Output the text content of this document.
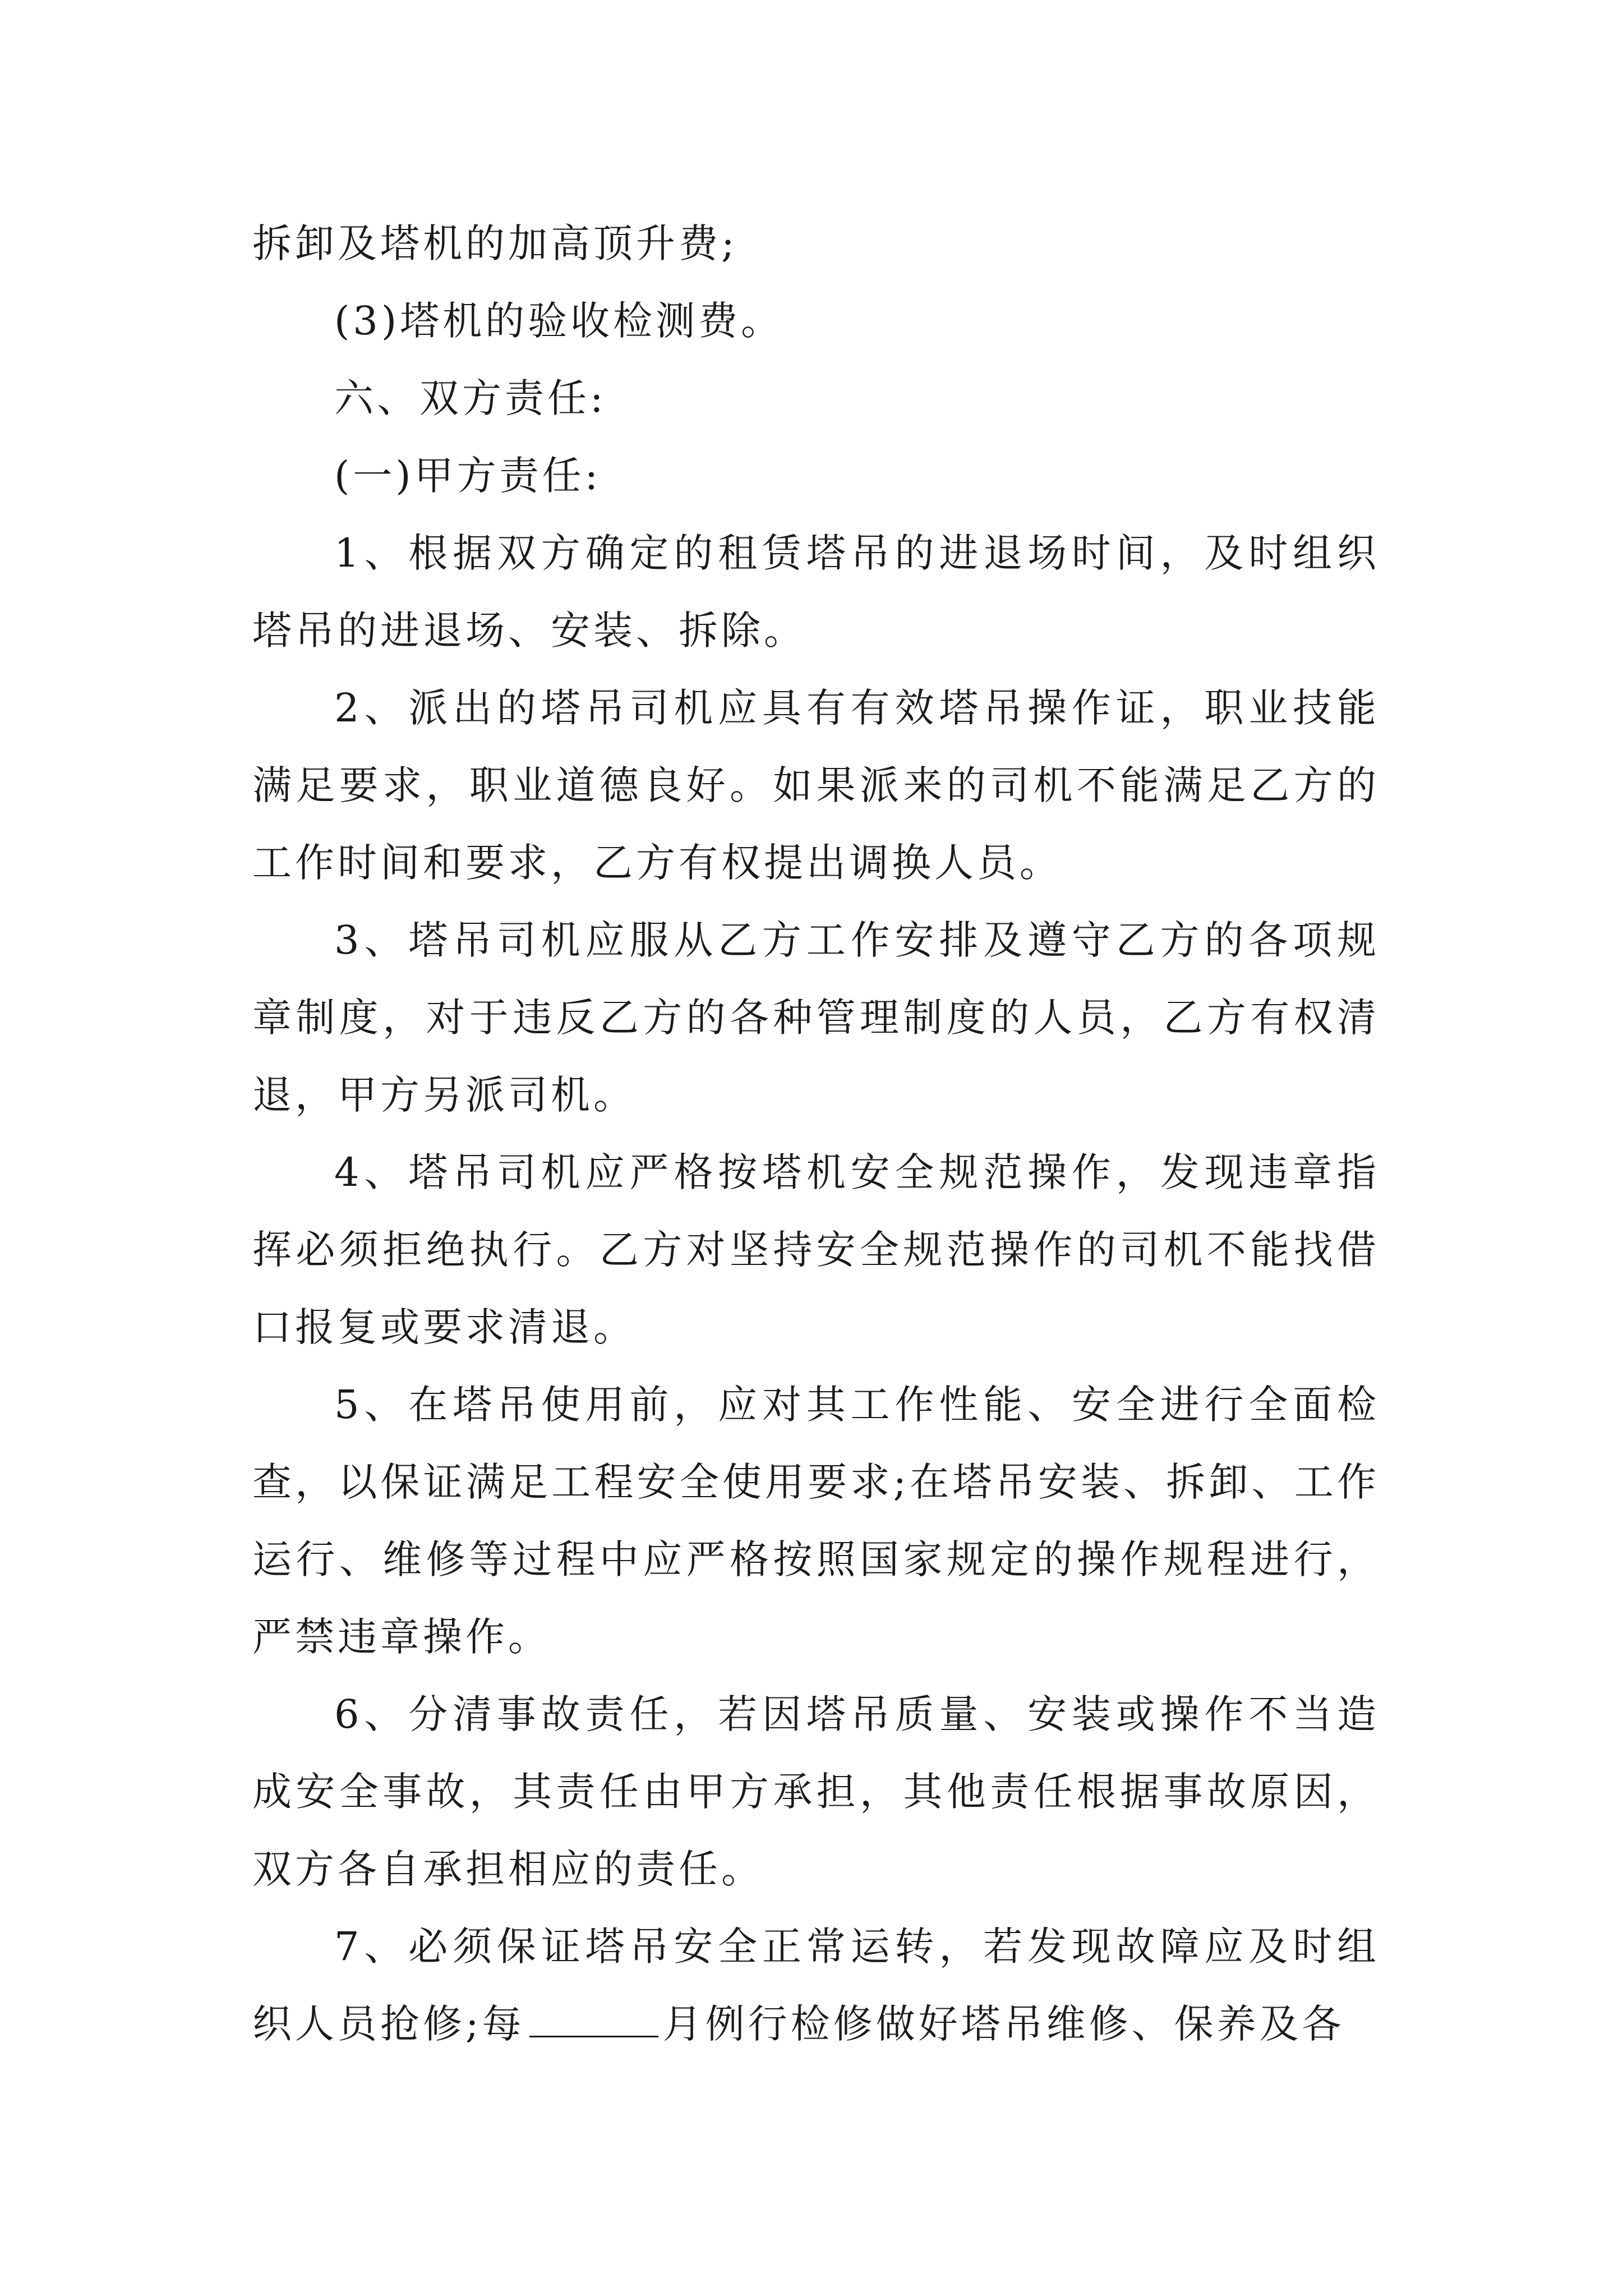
拆卸及塔机的加高顶升费;

(3)塔机的验收检测费。

六、双方责任:

(一)甲方责任:

1、根据双方确定的租赁塔吊的进退场时间，及时组织塔吊的进退场、安装、拆除。

2、派出的塔吊司机应具有有效塔吊操作证，职业技能满足要求，职业道德良好。如果派来的司机不能满足乙方的工作时间和要求，乙方有权提出调换人员。

3、塔吊司机应服从乙方工作安排及遵守乙方的各项规章制度，对于违反乙方的各种管理制度的人员，乙方有权清退，甲方另派司机。

4、塔吊司机应严格按塔机安全规范操作，发现违章指挥必须拒绝执行。乙方对坚持安全规范操作的司机不能找借口报复或要求清退。

5、在塔吊使用前，应对其工作性能、安全进行全面检查，以保证满足工程安全使用要求;在塔吊安装、拆卸、工作运行、维修等过程中应严格按照国家规定的操作规程进行，严禁违章操作。

6、分清事故责任，若因塔吊质量、安装或操作不当造成安全事故，其责任由甲方承担，其他责任根据事故原因，双方各自承担相应的责任。

7、必须保证塔吊安全正常运转，若发现故障应及时组织人员抢修;每	月例行检修做好塔吊维修、保养及各
